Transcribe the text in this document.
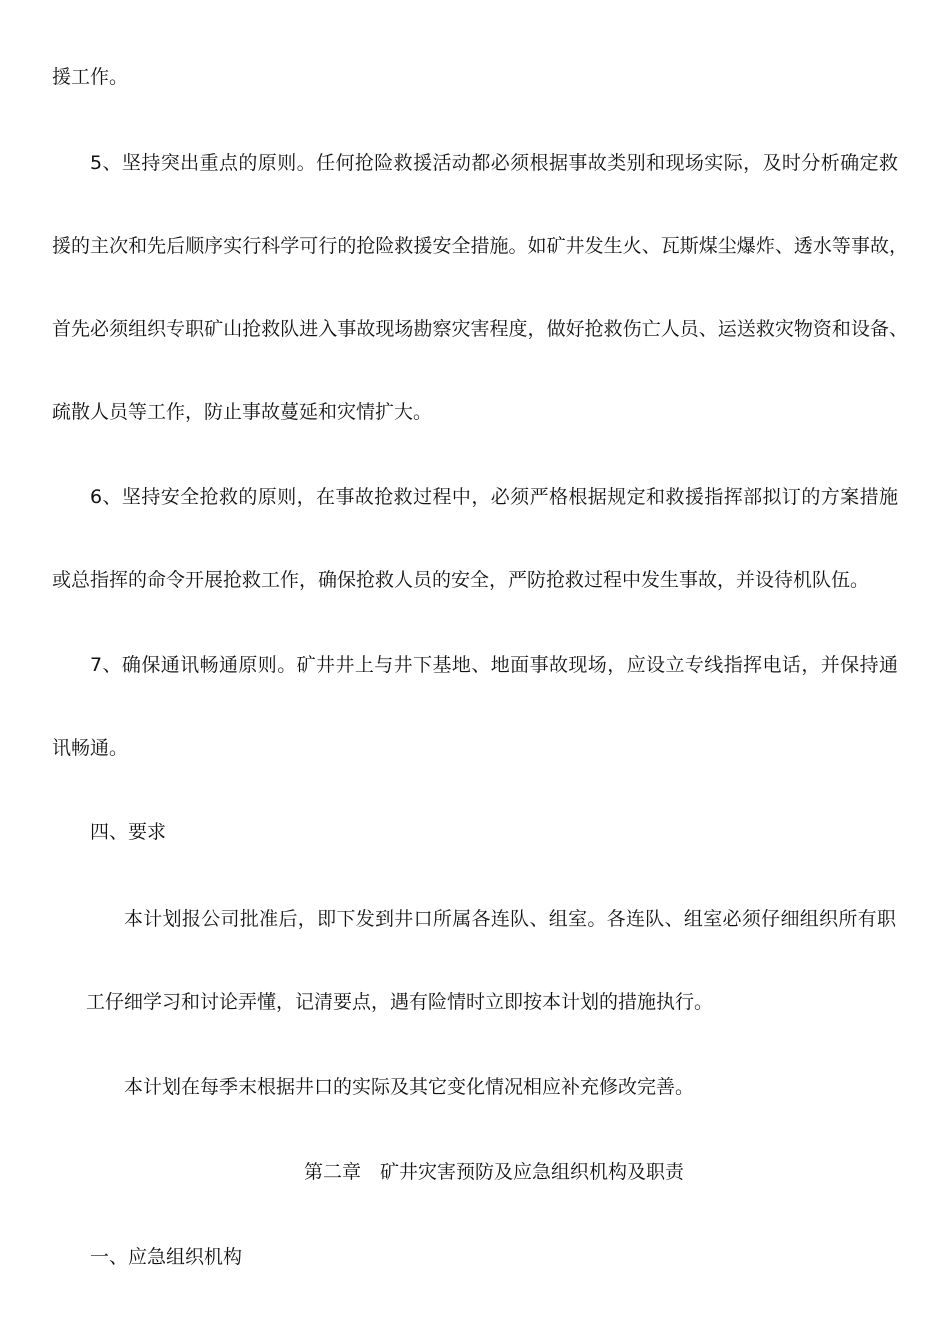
援工作。
5、坚持突出重点的原则。任何抢险救援活动都必须根据事故类别和现场实际，及时分析确定救
援的主次和先后顺序实行科学可行的抢险救援安全措施。如矿井发生火、瓦斯煤尘爆炸、透水等事故，
首先必须组织专职矿山抢救队进入事故现场勘察灾害程度，做好抢救伤亡人员、运送救灾物资和设备、
疏散人员等工作，防止事故蔓延和灾情扩大。
6、坚持安全抢救的原则，在事故抢救过程中，必须严格根据规定和救援指挥部拟订的方案措施
或总指挥的命令开展抢救工作，确保抢救人员的安全，严防抢救过程中发生事故，并设待机队伍。
7、确保通讯畅通原则。矿井井上与井下基地、地面事故现场，应设立专线指挥电话，并保持通
讯畅通。
四、要求
本计划报公司批准后，即下发到井口所属各连队、组室。各连队、组室必须仔细组织所有职
工仔细学习和讨论弄懂，记清要点，遇有险情时立即按本计划的措施执行。
本计划在每季末根据井口的实际及其它变化情况相应补充修改完善。
第二章　矿井灾害预防及应急组织机构及职责
一、应急组织机构
